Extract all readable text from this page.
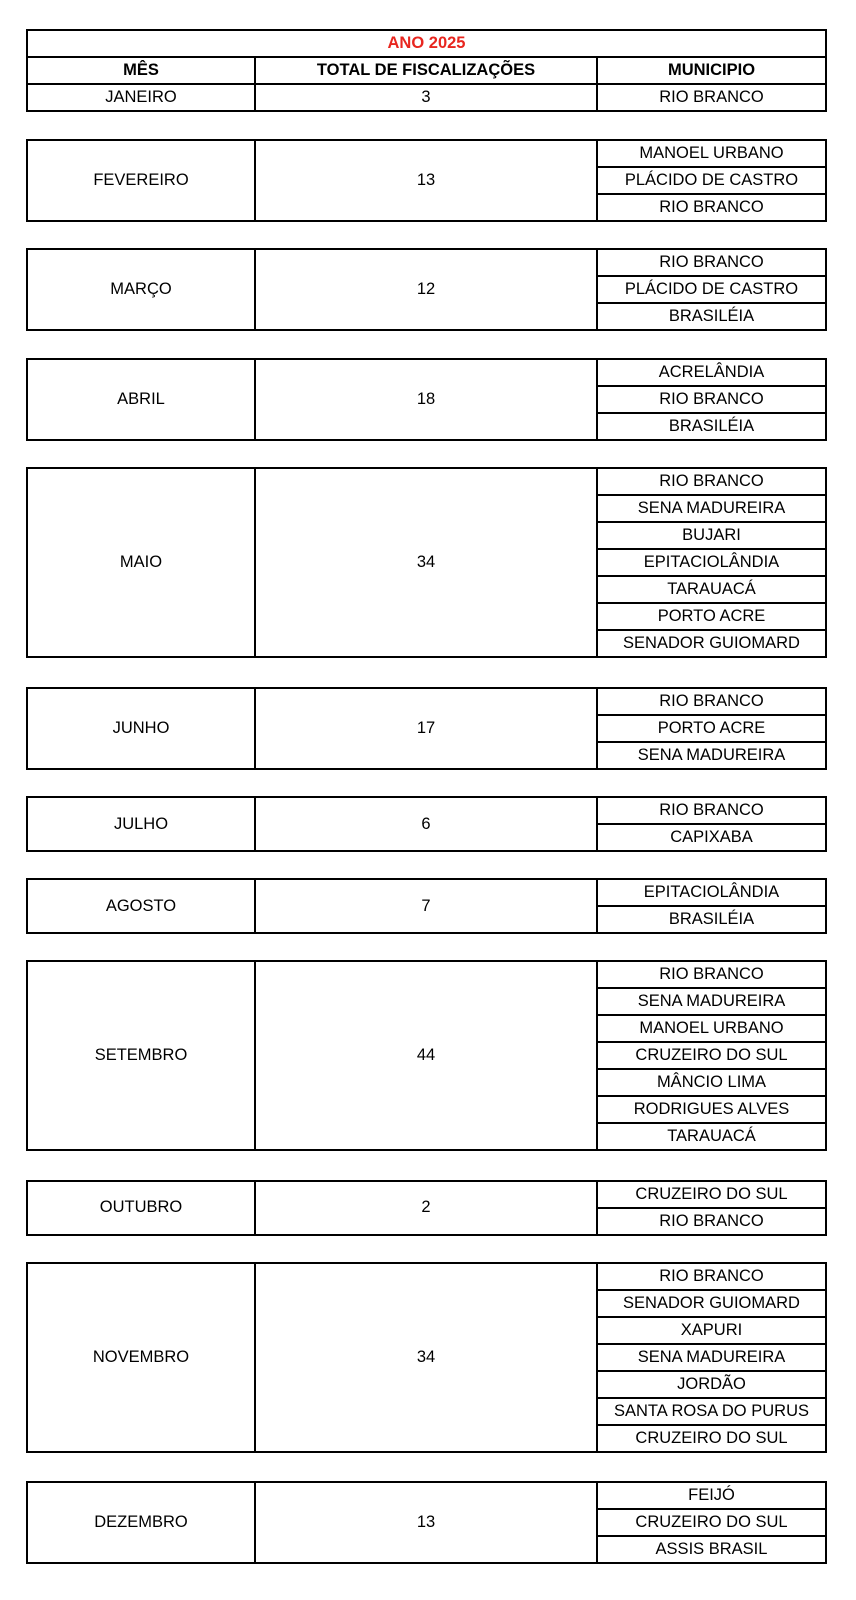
ANO 2025		
MÊS	TOTAL DE FISCALIZAÇÕES	MUNICIPIO
JANEIRO	3	RIO BRANCO
FEVEREIRO	13	MANOEL URBANO
PLÁCIDO DE CASTRO
RIO BRANCO
MARÇO	12	RIO BRANCO
PLÁCIDO DE CASTRO
BRASILÉIA
ABRIL	18	ACRELÂNDIA
RIO BRANCO
BRASILÉIA
MAIO	34	RIO BRANCO
SENA MADUREIRA
BUJARI
EPITACIOLÂNDIA
TARAUACÁ
PORTO ACRE
SENADOR GUIOMARD
JUNHO	17	RIO BRANCO
PORTO ACRE
SENA MADUREIRA
JULHO	6	RIO BRANCO
CAPIXABA
AGOSTO	7	EPITACIOLÂNDIA
BRASILÉIA
SETEMBRO	44	RIO BRANCO
SENA MADUREIRA
MANOEL URBANO
CRUZEIRO DO SUL
MÂNCIO LIMA
RODRIGUES ALVES
TARAUACÁ
OUTUBRO	2	CRUZEIRO DO SUL
RIO BRANCO
NOVEMBRO	34	RIO BRANCO
SENADOR GUIOMARD
XAPURI
SENA MADUREIRA
JORDÃO
SANTA ROSA DO PURUS
CRUZEIRO DO SUL
DEZEMBRO	13	FEIJÓ
CRUZEIRO DO SUL
ASSIS BRASIL
